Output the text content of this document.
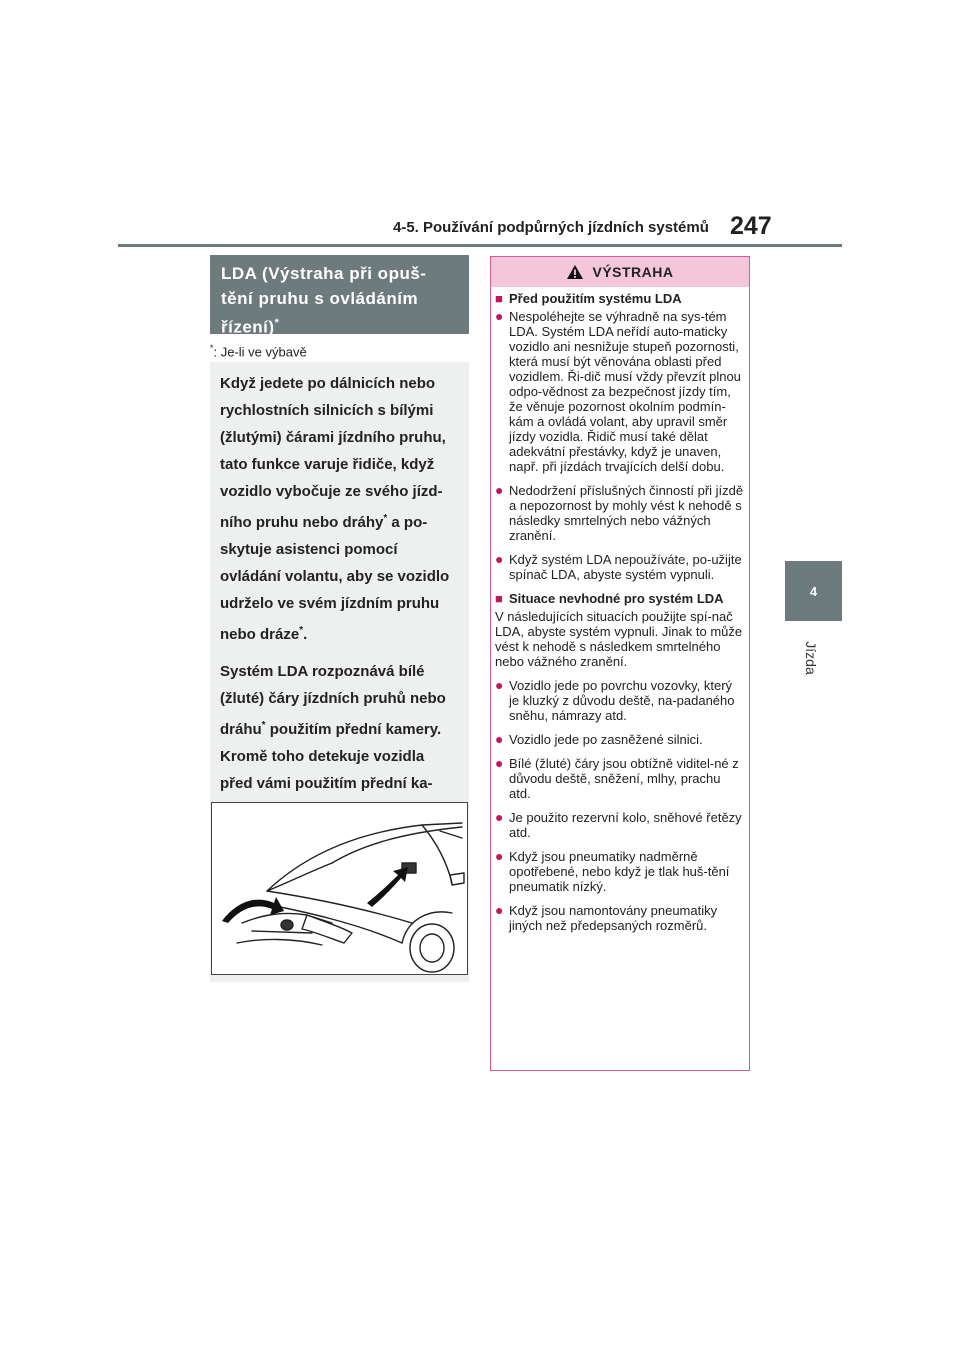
4-5. Používání podpůrných jízdních systémů 247
4
Jízda
LDA (Výstraha při opuš-tění pruhu s ovládáním řízení)*
*: Je-li ve výbavě

Když jedete po dálnicích nebo rychlostních silnicích s bílými (žlutými) čárami jízdního pruhu, tato funkce varuje řidiče, když vozidlo vybočuje ze svého jízd-ního pruhu nebo dráhy* a po-skytuje asistenci pomocí ovládání volantu, aby se vozidlo udrželo ve svém jízdním pruhu nebo dráze*.

Systém LDA rozpoznává bílé (žluté) čáry jízdních pruhů nebo dráhu* použitím přední kamery. Kromě toho detekuje vozidla před vámi použitím přední ka-

VÝSTRAHA
■ Před použitím systému LDA
● Nespoléhejte se výhradně na sys-tém LDA. Systém LDA neřídí auto-maticky vozidlo ani nesnižuje stupeň pozornosti, která musí být věnována oblasti před vozidlem. Ři-dič musí vždy převzít plnou odpo-vědnost za bezpečnost jízdy tím, že věnuje pozornost okolním podmín-kám a ovládá volant, aby upravil směr jízdy vozidla. Řidič musí také dělat adekvátní přestávky, když je unaven, např. při jízdách trvajících delší dobu.
● Nedodržení příslušných činností při jízdě a nepozornost by mohly vést k nehodě s následky smrtelných nebo vážných zranění.
● Když systém LDA nepoužíváte, po-užijte spínač LDA, abyste systém vypnuli.
■ Situace nevhodné pro systém LDA

V následujících situacích použijte spí-nač LDA, abyste systém vypnuli. Jinak to může vést k nehodě s následkem smrtelného nebo vážného zranění.

● Vozidlo jede po povrchu vozovky, který je kluzký z důvodu deště, na-padaného sněhu, námrazy atd.
● Vozidlo jede po zasněžené silnici.
● Bílé (žluté) čáry jsou obtížně viditel-né z důvodu deště, sněžení, mlhy, prachu atd.
● Je použito rezervní kolo, sněhové řetězy atd.
● Když jsou pneumatiky nadměrně opotřebené, nebo když je tlak huš-tění pneumatik nízký.
● Když jsou namontovány pneumatiky jiných než předepsaných rozměrů.
